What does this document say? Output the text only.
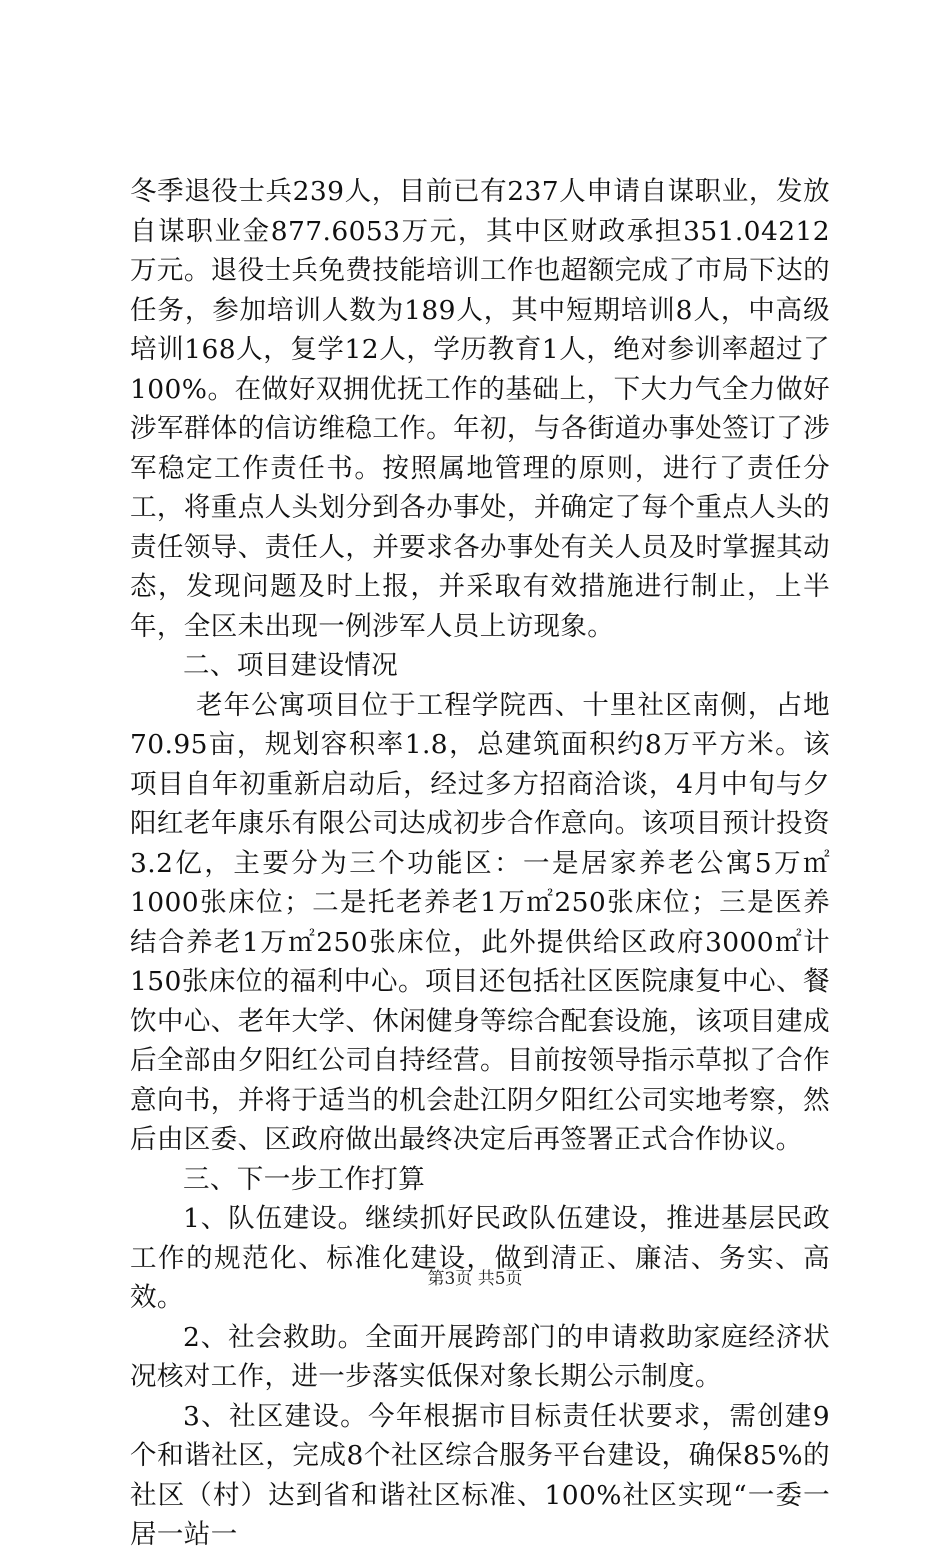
冬季退役士兵239人，目前已有237人申请自谋职业，发放自谋职业金877.6053万元，其中区财政承担351.04212万元。退役士兵免费技能培训工作也超额完成了市局下达的任务，参加培训人数为189人，其中短期培训8人，中高级培训168人，复学12人，学历教育1人，绝对参训率超过了100%。在做好双拥优抚工作的基础上，下大力气全力做好涉军群体的信访维稳工作。年初，与各街道办事处签订了涉军稳定工作责任书。按照属地管理的原则，进行了责任分工，将重点人头划分到各办事处，并确定了每个重点人头的责任领导、责任人，并要求各办事处有关人员及时掌握其动态，发现问题及时上报，并采取有效措施进行制止，上半年，全区未出现一例涉军人员上访现象。

二、项目建设情况

老年公寓项目位于工程学院西、十里社区南侧，占地70.95亩，规划容积率1.8，总建筑面积约8万平方米。该项目自年初重新启动后，经过多方招商洽谈，4月中旬与夕阳红老年康乐有限公司达成初步合作意向。该项目预计投资3.2亿，主要分为三个功能区：一是居家养老公寓5万㎡1000张床位；二是托老养老1万㎡250张床位；三是医养结合养老1万㎡250张床位，此外提供给区政府3000㎡计150张床位的福利中心。项目还包括社区医院康复中心、餐饮中心、老年大学、休闲健身等综合配套设施，该项目建成后全部由夕阳红公司自持经营。目前按领导指示草拟了合作意向书，并将于适当的机会赴江阴夕阳红公司实地考察，然后由区委、区政府做出最终决定后再签署正式合作协议。

三、下一步工作打算

1、队伍建设。继续抓好民政队伍建设，推进基层民政工作的规范化、标准化建设，做到清正、廉洁、务实、高效。

2、社会救助。全面开展跨部门的申请救助家庭经济状况核对工作，进一步落实低保对象长期公示制度。

3、社区建设。今年根据市目标责任状要求，需创建9个和谐社区，完成8个社区综合服务平台建设，确保85%的社区（村）达到省和谐社区标准、100%社区实现“一委一居一站一

第3页 共5页
